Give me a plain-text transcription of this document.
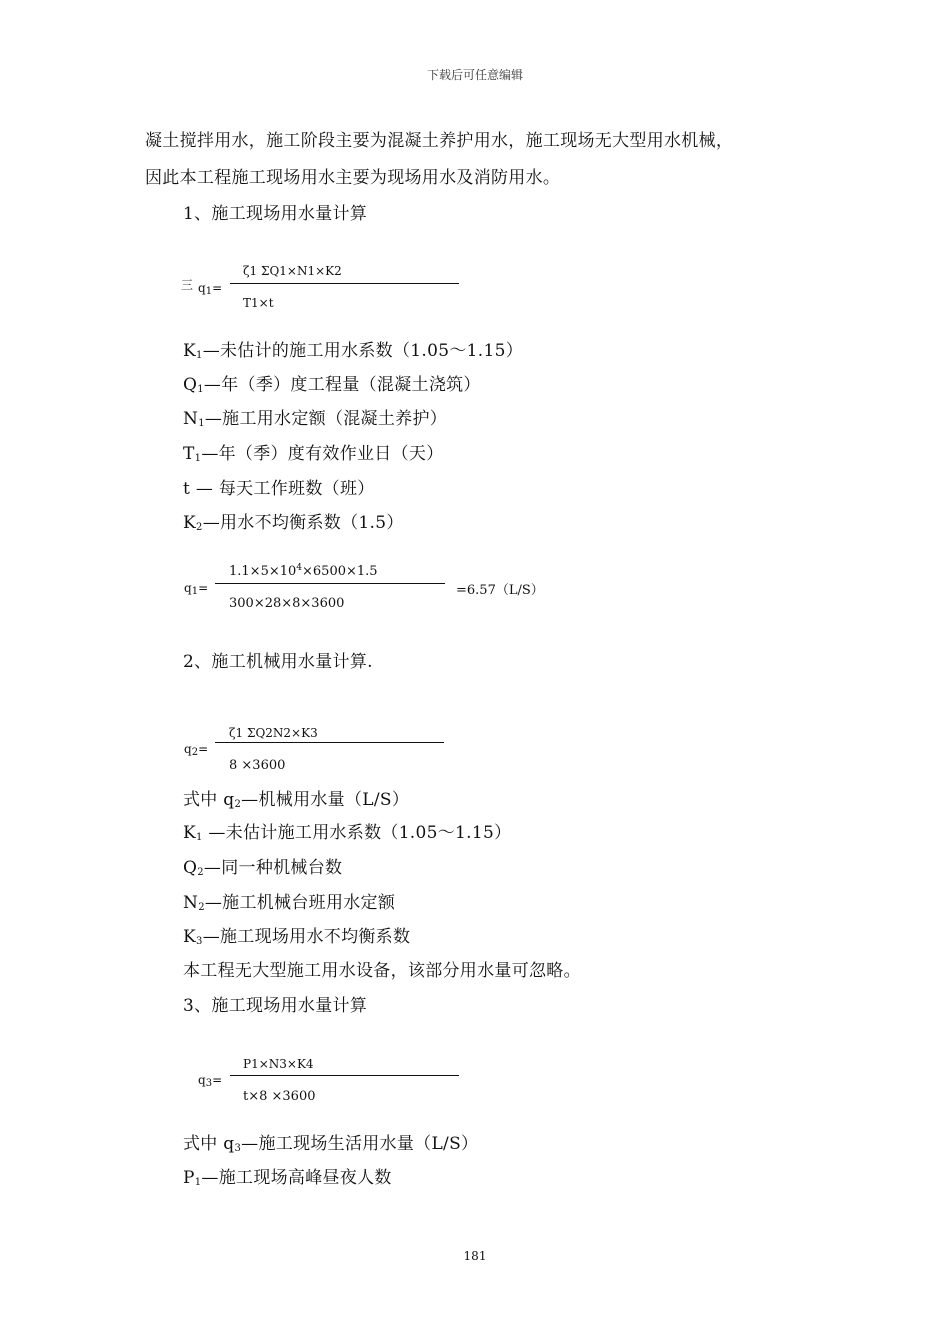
下载后可任意编辑
凝土搅拌用水，施工阶段主要为混凝土养护用水，施工现场无大型用水机械，
因此本工程施工现场用水主要为现场用水及消防用水。
1、施工现场用水量计算
三 $q_1=$
ζ1 ΣQ1×N1×K2
T1×t
$K_1—$未估计的施工用水系数（1.05～1.15）
$Q_1—$年（季）度工程量（混凝土浇筑）
$N_1—$施工用水定额（混凝土养护）
$T_1—$年（季）度有效作业日（天）
t — 每天工作班数（班）
$K_2—$用水不均衡系数（1.5）
$q_1=$
$1.1\times 5\times 10^4\times 6500\times 1.5$
300×28×8×3600
=6.57（L/S）
2、施工机械用水量计算.
$q_2=$
ζ1 ΣQ2N2×K3
8 ×3600
式中 $q_2—$机械用水量（L/S）
$K_1$ —未估计施工用水系数（1.05～1.15）
$Q_2—$同一种机械台数
$N_2—$施工机械台班用水定额
$K_3—$施工现场用水不均衡系数
本工程无大型施工用水设备，该部分用水量可忽略。
3、施工现场用水量计算
$q_3=$
P1×N3×K4
t×8 ×3600
式中 $q_3—$施工现场生活用水量（L/S）
$P_1—$施工现场高峰昼夜人数
181
